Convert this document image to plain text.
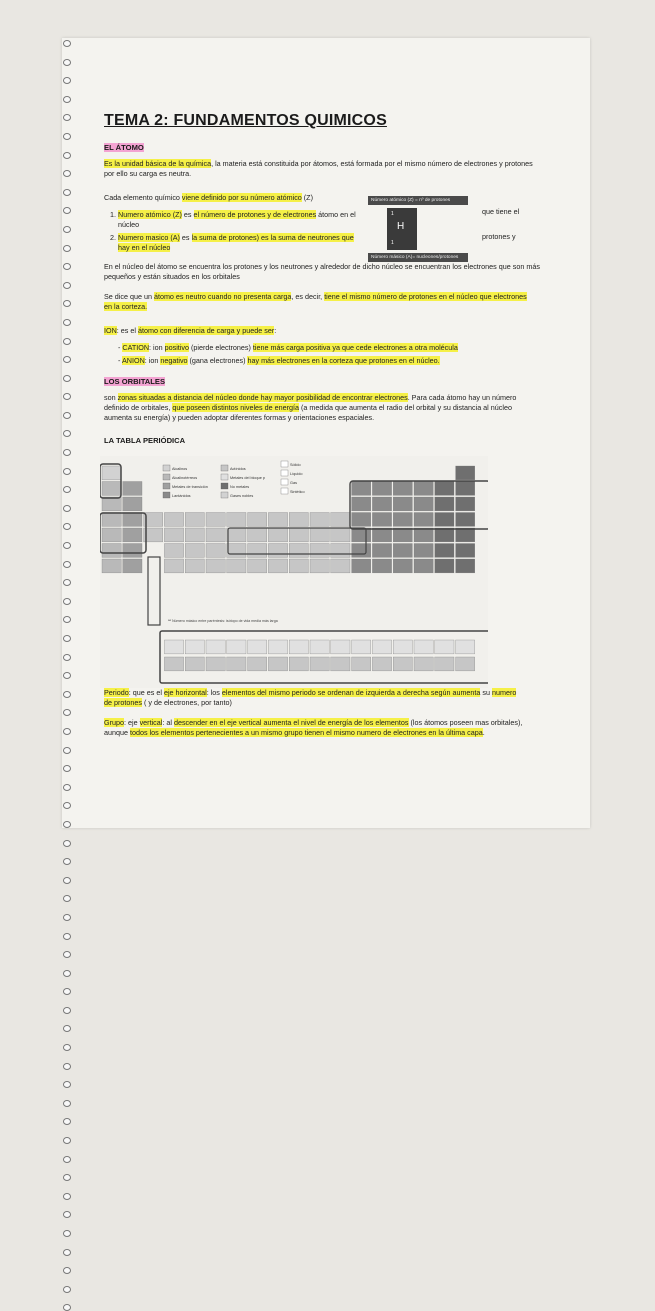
TEMA 2: FUNDAMENTOS QUIMICOS
EL ÁTOMO
Es la unidad básica de la química, la materia está constituida por átomos, está formada por el mismo número de electrones y protones por ello su carga es neutra.
Cada elemento químico viene definido por su número atómico (Z)
1. Numero atómico (Z) es el número de protones y de electrones átomo en el núcleo
2. Numero masico (A) es la suma de protones) es la suma de neutrones que hay en el núcleo
que tiene el
protones y
Número atómico (Z) = nº de protones
1
H
1
Número másico (A)= nucleones/protones
En el núcleo del átomo se encuentra los protones y los neutrones y alrededor de dicho núcleo se encuentran los electrones que son más pequeños y están situados en los orbitales
Se dice que un átomo es neutro cuando no presenta carga, es decir, tiene el mismo número de protones en el núcleo que electrones en la corteza.
ION: es el átomo con diferencia de carga y puede ser:
- CATION: ion positivo (pierde electrones) tiene más carga positiva ya que cede electrones a otra molécula
- ANION: ion negativo (gana electrones) hay más electrones en la corteza que protones en el núcleo.
LOS ORBITALES
son zonas situadas a distancia del núcleo donde hay mayor posibilidad de encontrar electrones. Para cada átomo hay un número definido de orbitales, que poseen distintos niveles de energía (a medida que aumenta el radio del orbital y su distancia al núcleo aumenta su energía) y pueden adoptar diferentes formas y orientaciones espaciales.
LA TABLA PERIÓDICA
Alcalinos
Alcalinotérreos
Metales de transición
Lantánidos
Actínidos
Metales del bloque p
No metales
Gases nobles
Sólido
Líquido
Gas
Sintético
ᵃʷ Número másico entre paréntesis: isótopo de vida media más larga
Periodo: que es el eje horizontal: los elementos del mismo periodo se ordenan de izquierda a derecha según aumenta su numero de protones ( y de electrones, por tanto)
Grupo: eje vertical: al descender en el eje vertical aumenta el nivel de energía de los elementos (los átomos poseen mas orbitales), aunque todos los elementos pertenecientes a un mismo grupo tienen el mismo numero de electrones en la última capa.
